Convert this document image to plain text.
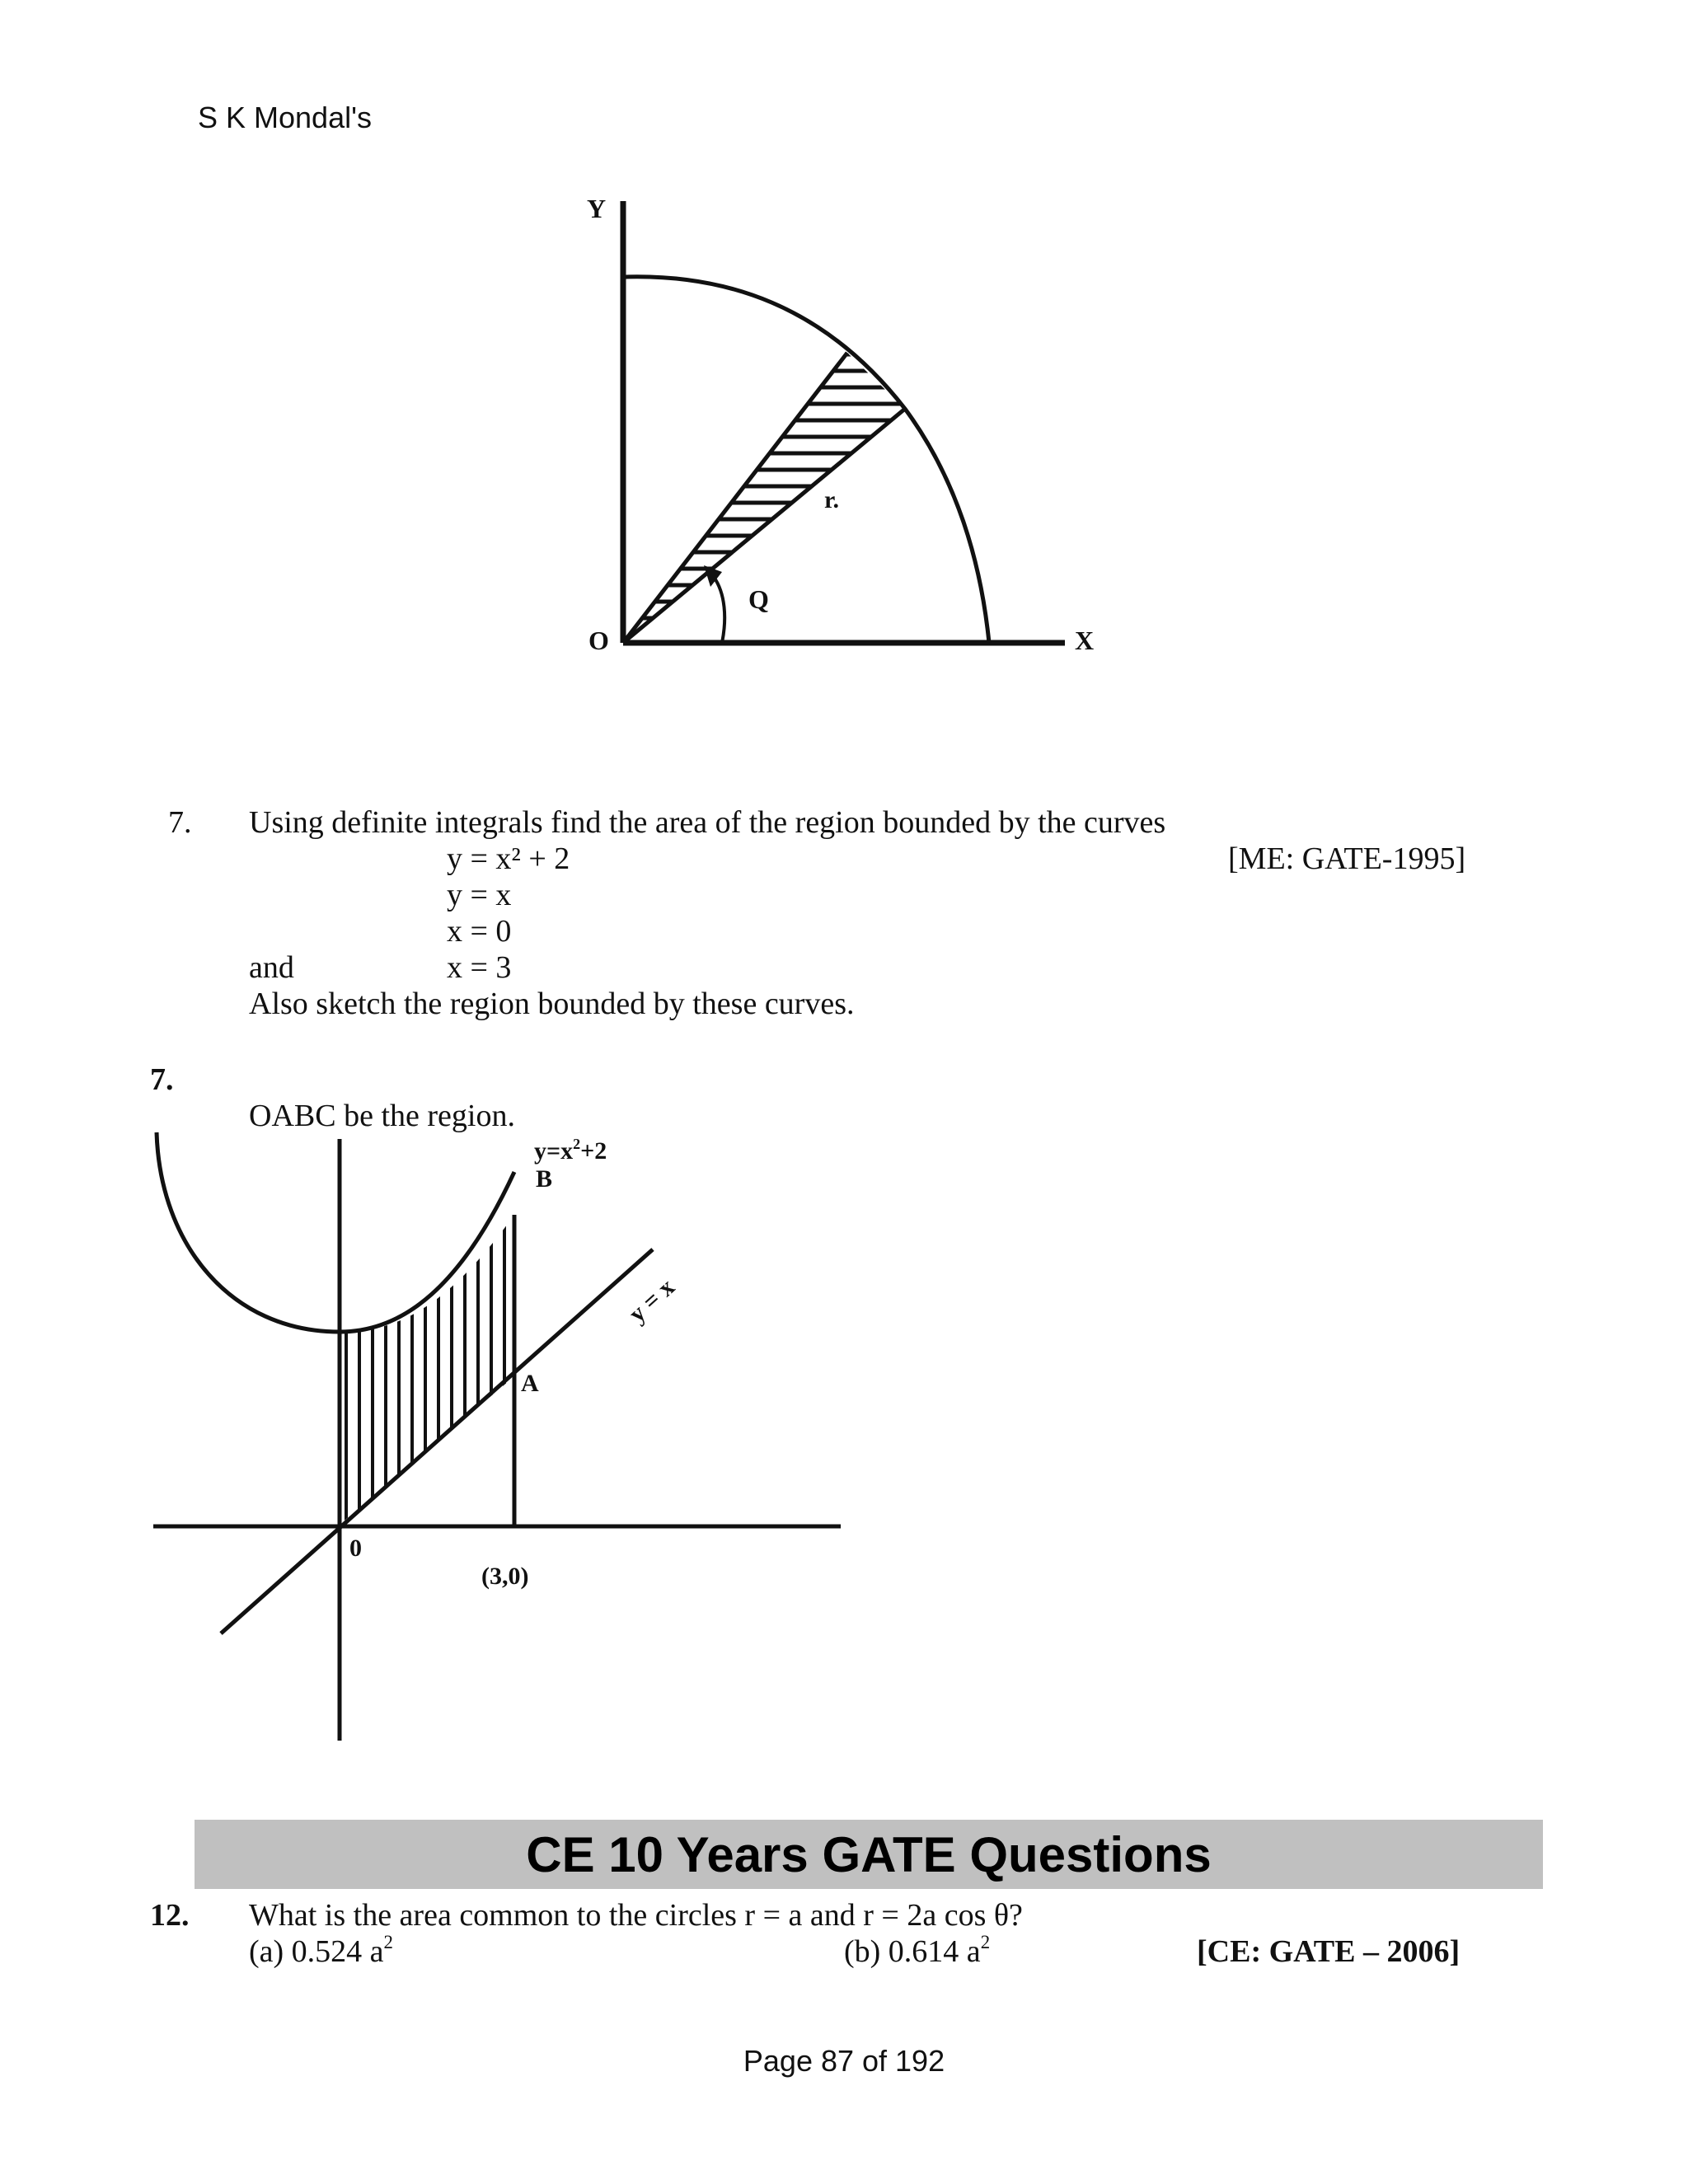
S K Mondal's
Y
X
O
r.
Q
7. Using definite integrals find the area of the region bounded by the curves
[ME: GATE-1995]
y = x² + 2
y = x
x = 0
and	x = 3
Also sketch the region bounded by these curves.
7.
OABC be the region.
$y=x^2+2$
B
y = x
A
0
(3,0)
CE 10 Years GATE Questions
12. What is the area common to the circles r = a and r = 2a cos θ?
(a) 0.524 $a^2$	(b) 0.614 $a^2$	[CE: GATE – 2006]
Page 87 of 192
